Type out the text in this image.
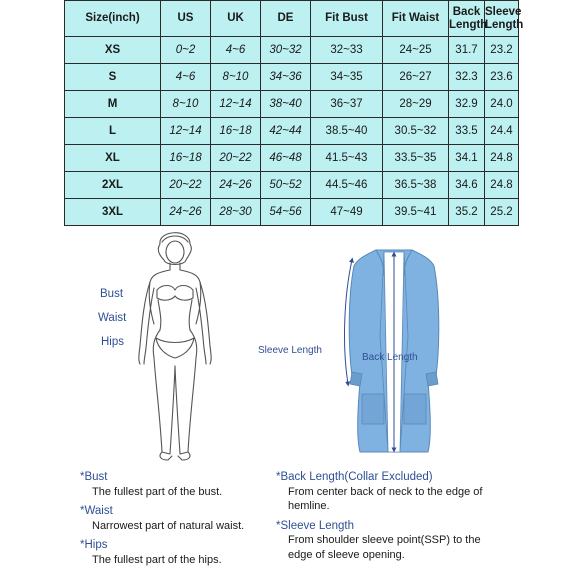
Size(inch)	US	UK	DE	Fit Bust	Fit Waist	Back Length	Sleeve Length
XS	0~2	4~6	30~32	32~33	24~25	31.7	23.2
S	4~6	8~10	34~36	34~35	26~27	32.3	23.6
M	8~10	12~14	38~40	36~37	28~29	32.9	24.0
L	12~14	16~18	42~44	38.5~40	30.5~32	33.5	24.4
XL	16~18	20~22	46~48	41.5~43	33.5~35	34.1	24.8
2XL	20~22	24~26	50~52	44.5~46	36.5~38	34.6	24.8
3XL	24~26	28~30	54~56	47~49	39.5~41	35.2	25.2
Bust
Waist
Hips
Sleeve Length
Back Length
*Bust
The fullest part of the bust.
*Waist
Narrowest part of natural waist.
*Hips
The fullest part of the hips.
*Back Length(Collar Excluded)
From center back of neck to the edge of hemline.
*Sleeve Length
From shoulder sleeve point(SSP) to the edge of sleeve opening.
